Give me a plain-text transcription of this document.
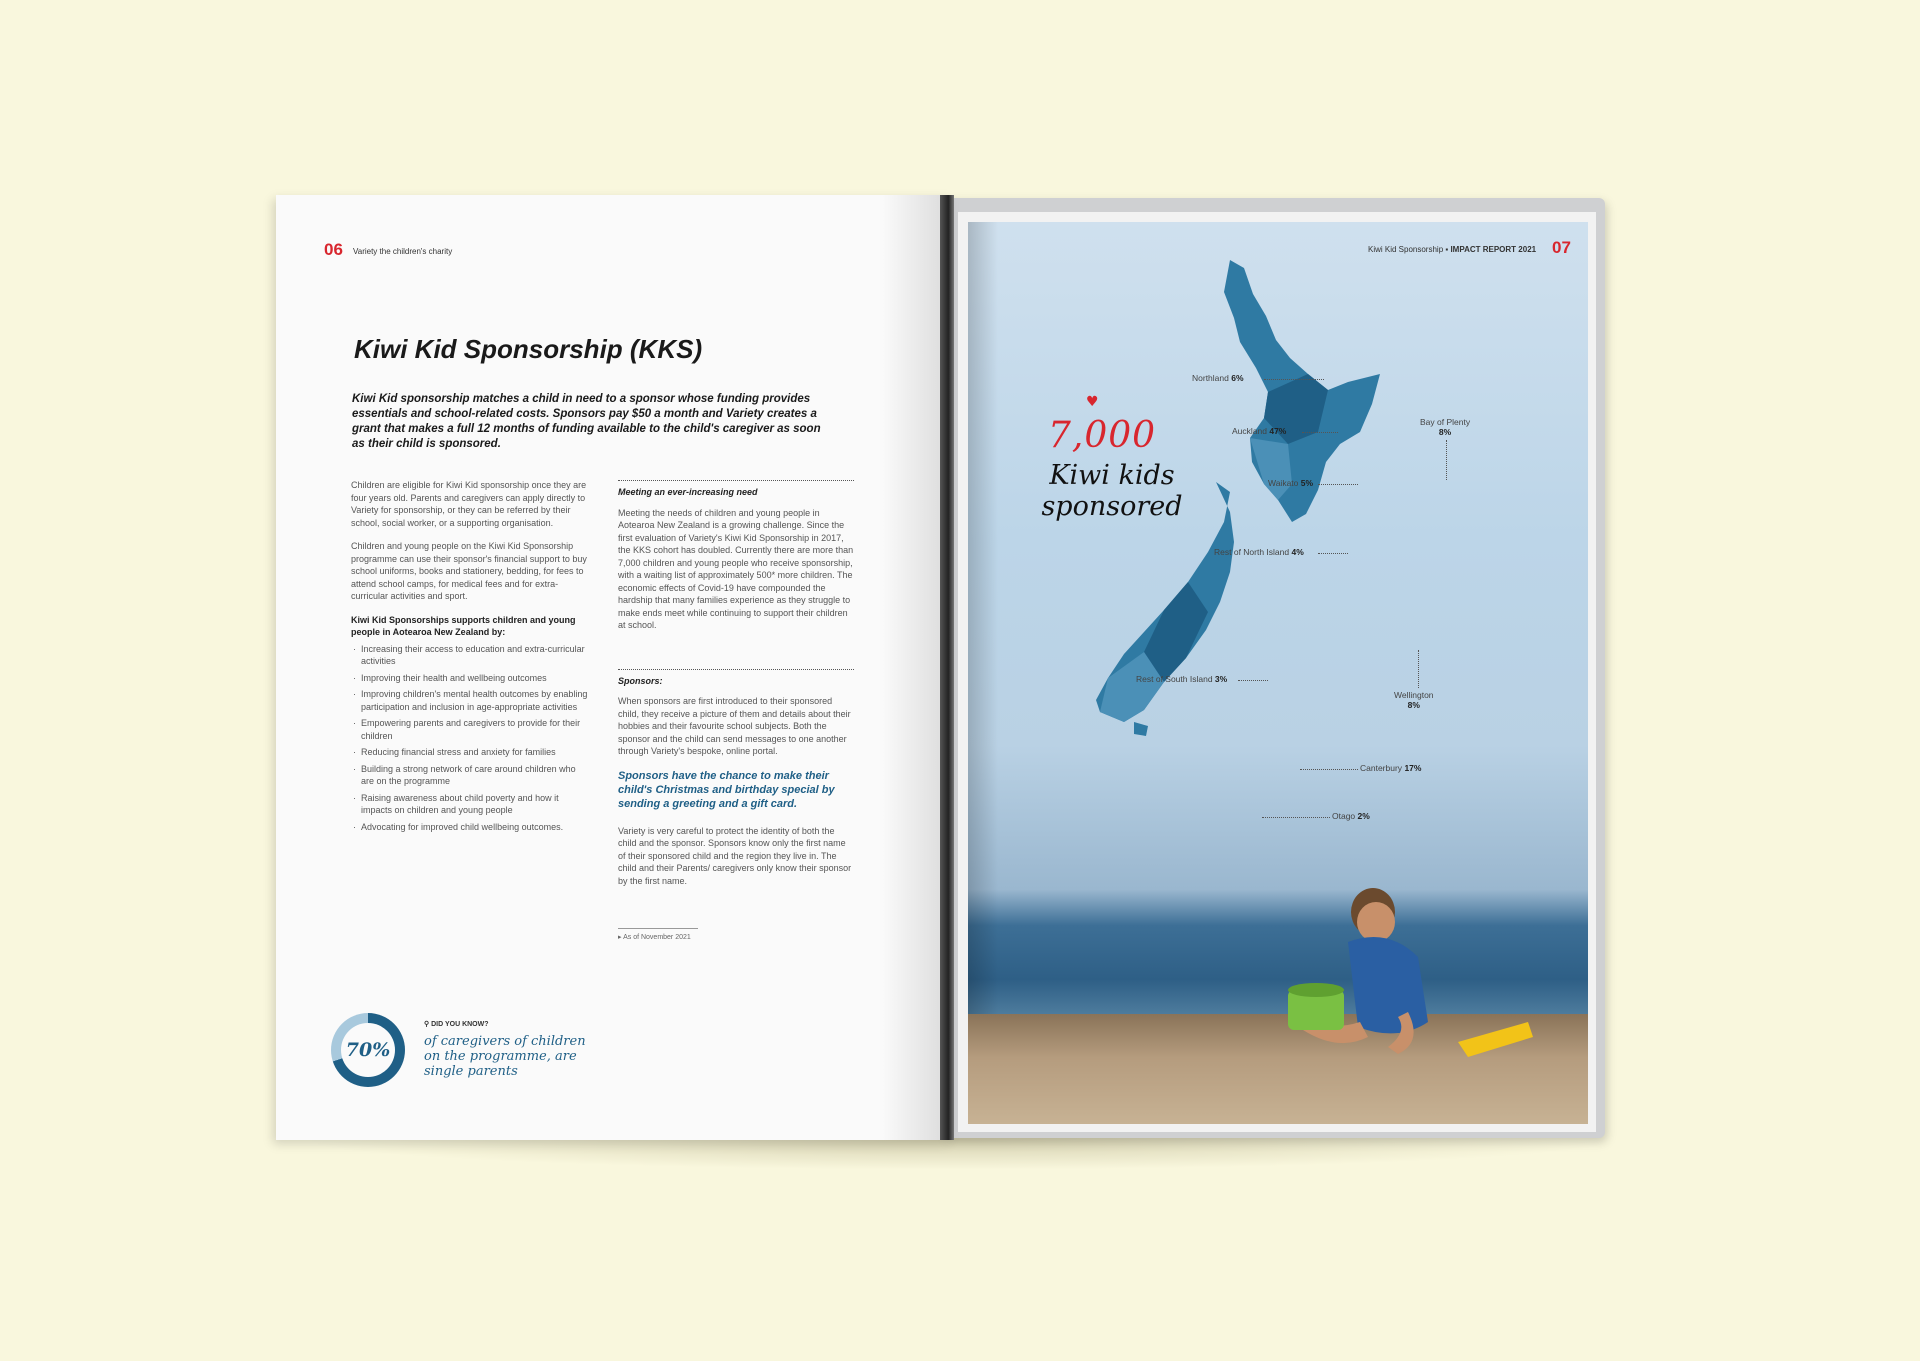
06 Variety the children's charity
Kiwi Kid Sponsorship (KKS)
Kiwi Kid sponsorship matches a child in need to a sponsor whose funding provides essentials and school-related costs. Sponsors pay $50 a month and Variety creates a grant that makes a full 12 months of funding available to the child's caregiver as soon as their child is sponsored.

Children are eligible for Kiwi Kid sponsorship once they are four years old. Parents and caregivers can apply directly to Variety for sponsorship, or they can be referred by their school, social worker, or a supporting organisation.

Children and young people on the Kiwi Kid Sponsorship programme can use their sponsor's financial support to buy school uniforms, books and stationery, bedding, for fees to attend school camps, for medical fees and for extra-curricular activities and sport.

Kiwi Kid Sponsorships supports children and young people in Aotearoa New Zealand by:

· Increasing their access to education and extra-curricular activities
· Improving their health and wellbeing outcomes
· Improving children's mental health outcomes by enabling participation and inclusion in age-appropriate activities
· Empowering parents and caregivers to provide for their children
· Reducing financial stress and anxiety for families
· Building a strong network of care around children who are on the programme
· Raising awareness about child poverty and how it impacts on children and young people
· Advocating for improved child wellbeing outcomes.
Meeting an ever-increasing need

Meeting the needs of children and young people in Aotearoa New Zealand is a growing challenge. Since the first evaluation of Variety's Kiwi Kid Sponsorship in 2017, the KKS cohort has doubled. Currently there are more than 7,000 children and young people who receive sponsorship, with a waiting list of approximately 500* more children. The economic effects of Covid-19 have compounded the hardship that many families experience as they struggle to make ends meet while continuing to support their children at school.

Sponsors:

When sponsors are first introduced to their sponsored child, they receive a picture of them and details about their hobbies and their favourite school subjects. Both the sponsor and the child can send messages to one another through Variety's bespoke, online portal.

Sponsors have the chance to make their child's Christmas and birthday special by sending a greeting and a gift card.

Variety is very careful to protect the identity of both the child and the sponsor. Sponsors know only the first name of their sponsored child and the region they live in. The child and their Parents/ caregivers only know their sponsor by the first name.

▸ As of November 2021
70%
⚲ DID YOU KNOW?
of caregivers of children on the programme, are single parents
Kiwi Kid Sponsorship ▪ IMPACT REPORT 2021 07
♥
7,000
Kiwi kids sponsored
Northland 6%
Auckland 47%
Bay of Plenty
8%
Waikato 5%
Rest of North Island 4%
Rest of South Island 3%
Wellington
8%
Canterbury 17%
Otago 2%
